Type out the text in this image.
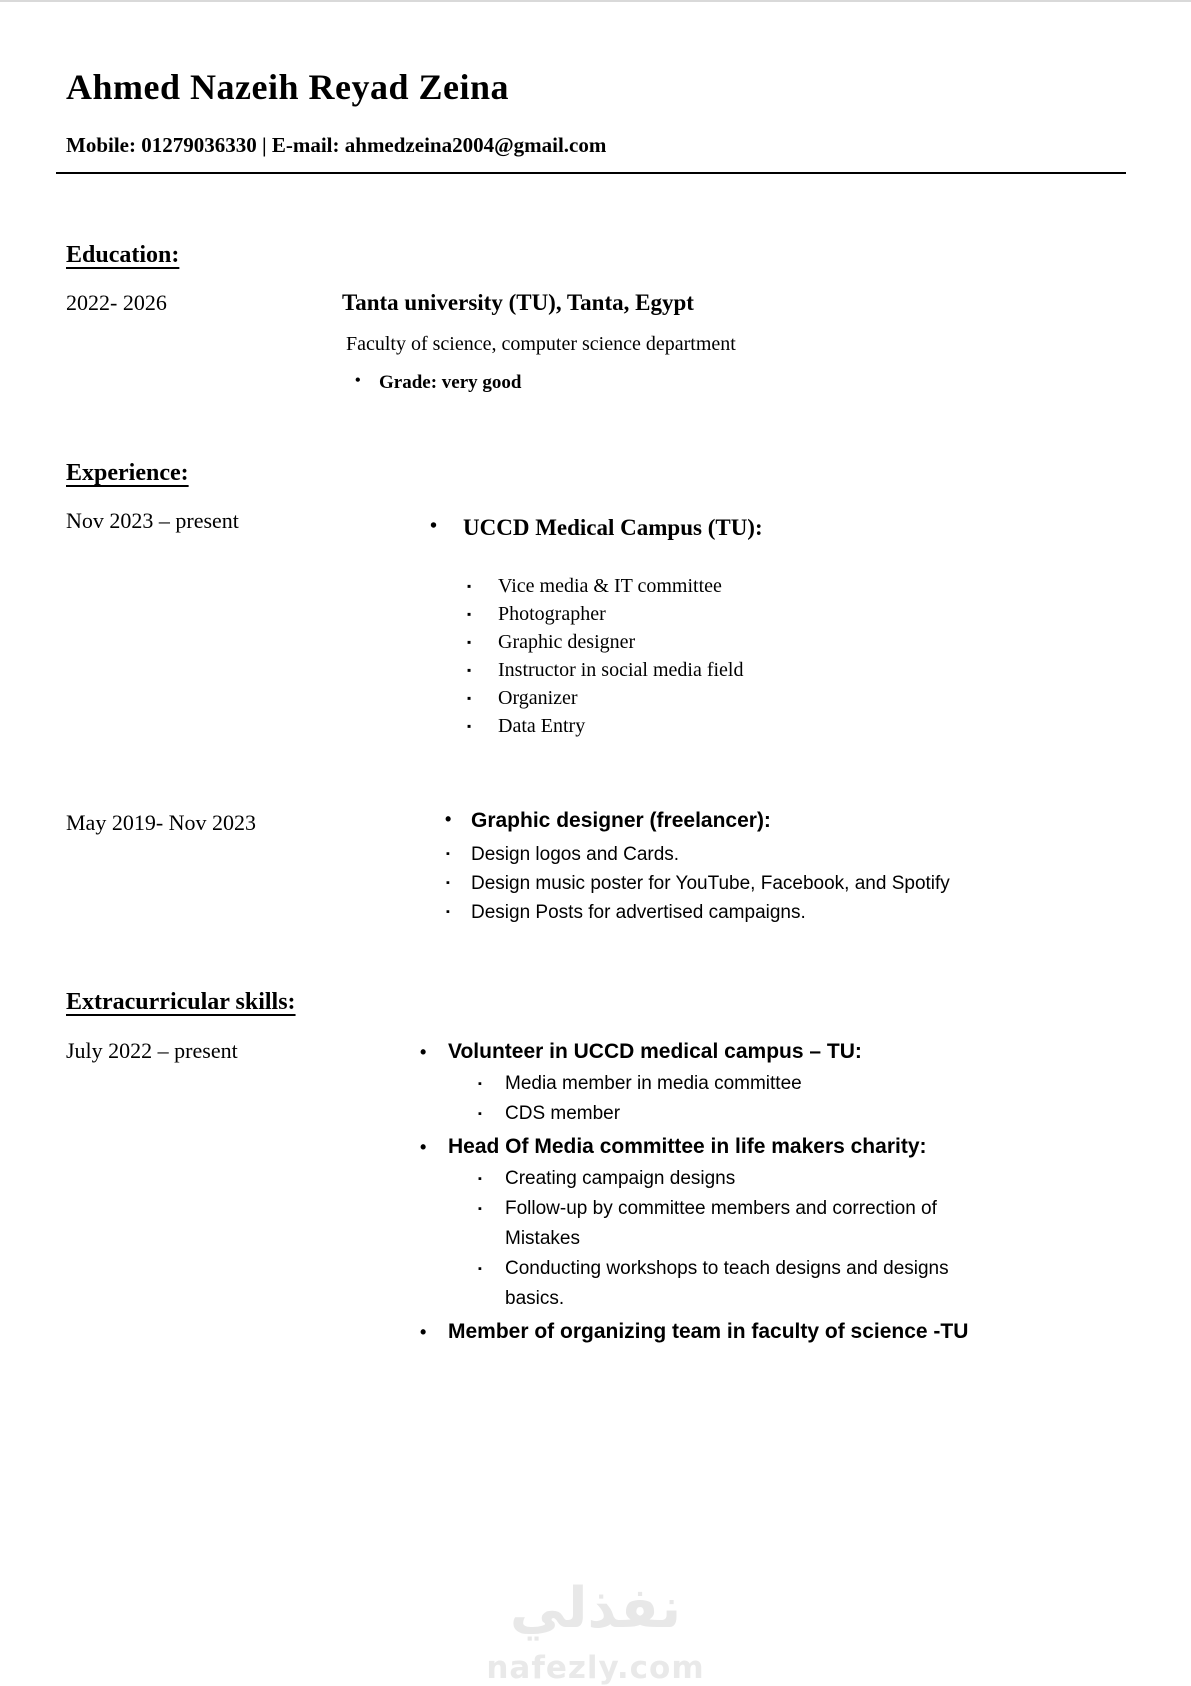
Ahmed Nazeih Reyad Zeina
Mobile: 01279036330 | E-mail: ahmedzeina2004@gmail.com
Education:
2022- 2026	Tanta university (TU), Tanta, Egypt
Faculty of science, computer science department
• Grade: very good
Experience:
Nov 2023 – present	•	UCCD Medical Campus (TU):
▪	Vice media & IT committee
▪	Photographer
▪	Graphic designer
▪	Instructor in social media field
▪	Organizer
▪	Data Entry
May 2019- Nov 2023	• Graphic designer (freelancer):
▪	Design logos and Cards.
▪	Design music poster for YouTube, Facebook, and Spotify
▪	Design Posts for advertised campaigns.
Extracurricular skills:
July 2022 – present	•	Volunteer in UCCD medical campus – TU:
▪	Media member in media committee
▪	CDS member
•	Head Of Media committee in life makers charity:
▪	Creating campaign designs
▪	Follow-up by committee members and correction of Mistakes
▪	Conducting workshops to teach designs and designs basics.
•	Member of organizing team in faculty of science -TU
نفذلي
nafezly.com
